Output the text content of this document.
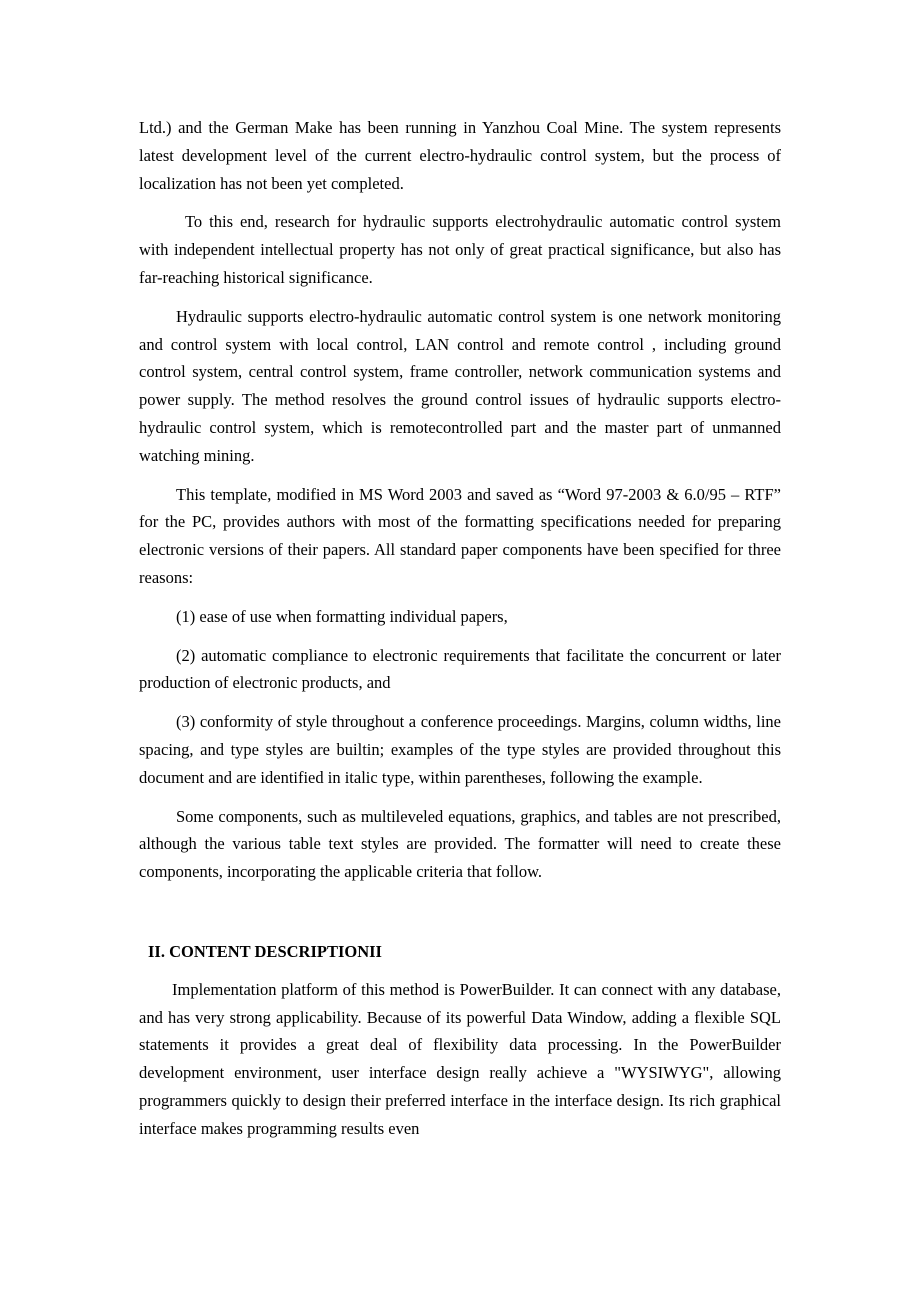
Ltd.) and the German Make has been running in Yanzhou Coal Mine. The system represents latest development level of the current electro-hydraulic control system, but the process of localization has not been yet completed.

To this end, research for hydraulic supports electrohydraulic automatic control system with independent intellectual property has not only of great practical significance, but also has far-reaching historical significance.

Hydraulic supports electro-hydraulic automatic control system is one network monitoring and control system with local control, LAN control and remote control , including ground control system, central control system, frame controller, network communication systems and power supply. The method resolves the ground control issues of hydraulic supports electro-hydraulic control system, which is remotecontrolled part and the master part of unmanned watching mining.

This template, modified in MS Word 2003 and saved as “Word 97-2003 & 6.0/95 – RTF” for the PC, provides authors with most of the formatting specifications needed for preparing electronic versions of their papers. All standard paper components have been specified for three reasons:

(1) ease of use when formatting individual papers,

(2) automatic compliance to electronic requirements that facilitate the concurrent or later production of electronic products, and

(3) conformity of style throughout a conference proceedings. Margins, column widths, line spacing, and type styles are builtin; examples of the type styles are provided throughout this document and are identified in italic type, within parentheses, following the example.

Some components, such as multileveled equations, graphics, and tables are not prescribed, although the various table text styles are provided. The formatter will need to create these components, incorporating the applicable criteria that follow.

II. CONTENT DESCRIPTIONII

Implementation platform of this method is PowerBuilder. It can connect with any database, and has very strong applicability. Because of its powerful Data Window, adding a flexible SQL statements it provides a great deal of flexibility data processing. In the PowerBuilder development environment, user interface design really achieve a "WYSIWYG", allowing programmers quickly to design their preferred interface in the interface design. Its rich graphical interface makes programming results even
